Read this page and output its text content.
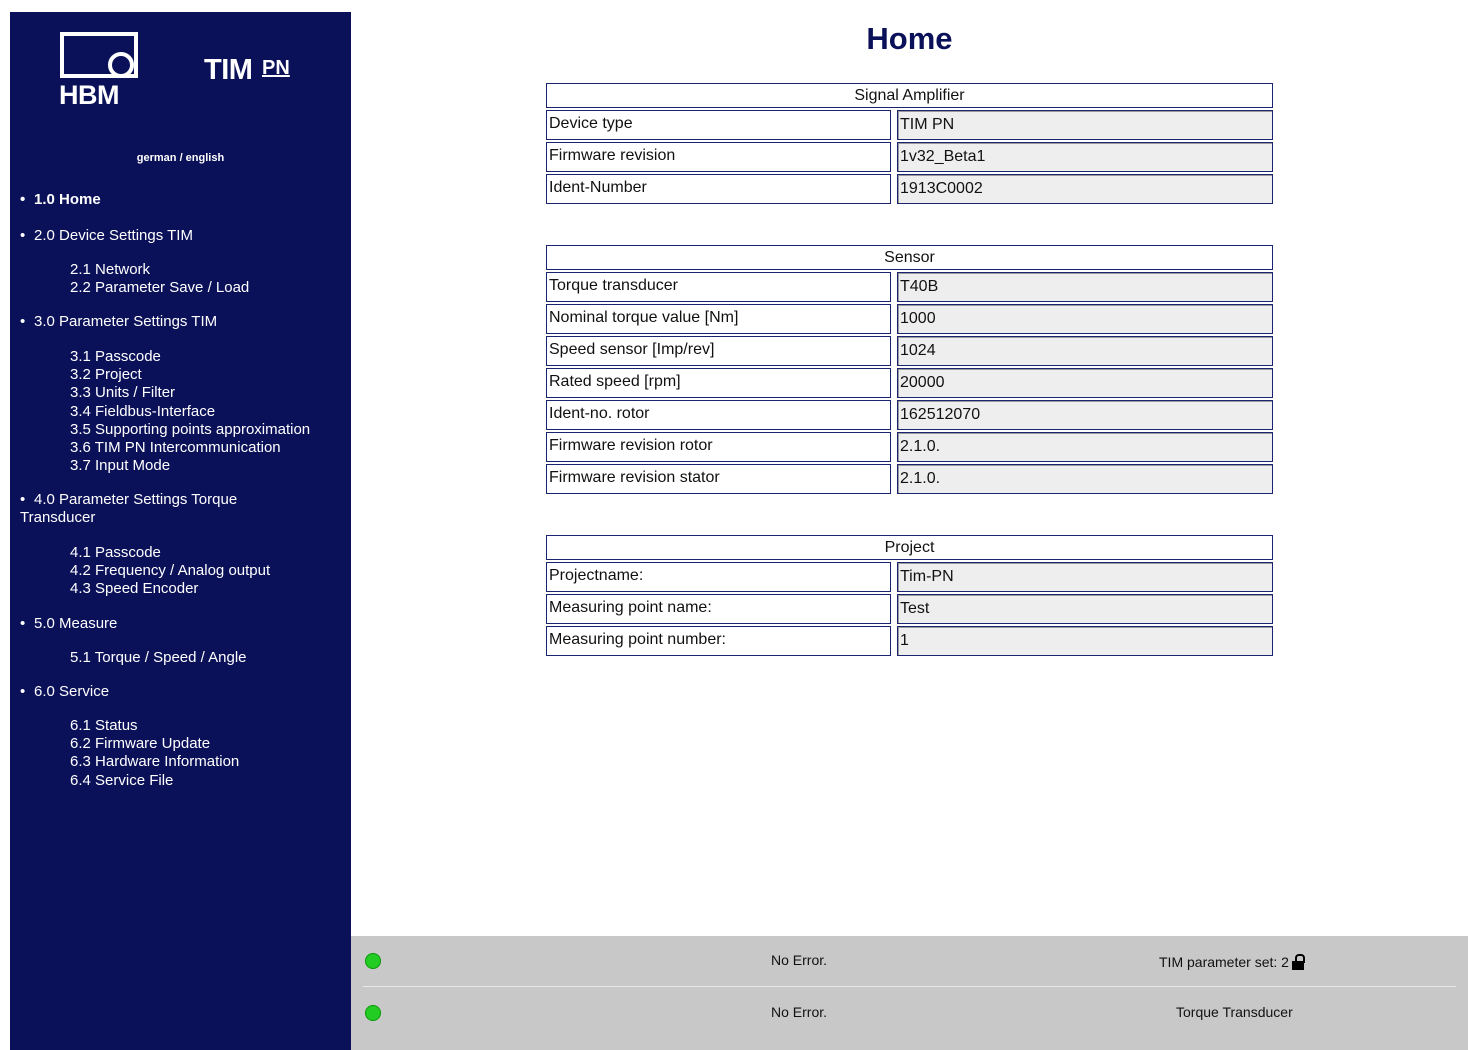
HBM
TIM PN
german / english
• 1.0 Home
• 2.0 Device Settings TIM
2.1 Network
2.2 Parameter Save / Load
• 3.0 Parameter Settings TIM
3.1 Passcode
3.2 Project
3.3 Units / Filter
3.4 Fieldbus-Interface
3.5 Supporting points approximation
3.6 TIM PN Intercommunication
3.7 Input Mode
• 4.0 Parameter Settings Torque
Transducer
4.1 Passcode
4.2 Frequency / Analog output
4.3 Speed Encoder
• 5.0 Measure
5.1 Torque / Speed / Angle
• 6.0 Service
6.1 Status
6.2 Firmware Update
6.3 Hardware Information
6.4 Service File
Home
Signal Amplifier		
Device type		TIM PN
Firmware revision		1v32_Beta1
Ident-Number		1913C0002
Sensor		
Torque transducer		T40B
Nominal torque value [Nm]		1000
Speed sensor [Imp/rev]		1024
Rated speed [rpm]		20000
Ident-no. rotor		162512070
Firmware revision rotor		2.1.0.
Firmware revision stator		2.1.0.
Project		
Projectname:		Tim-PN
Measuring point name:		Test
Measuring point number:		1
No Error.	TIM parameter set: 2
No Error.	Torque Transducer
